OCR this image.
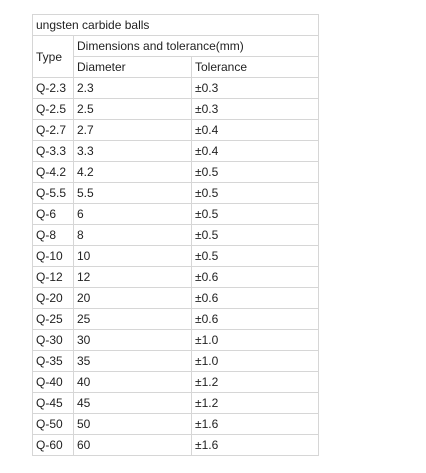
ungsten carbide balls		
Type	Dimensions and tolerance(mm)	
	Diameter	Tolerance
Q-2.3	2.3	±0.3
Q-2.5	2.5	±0.3
Q-2.7	2.7	±0.4
Q-3.3	3.3	±0.4
Q-4.2	4.2	±0.5
Q-5.5	5.5	±0.5
Q-6	6	±0.5
Q-8	8	±0.5
Q-10	10	±0.5
Q-12	12	±0.6
Q-20	20	±0.6
Q-25	25	±0.6
Q-30	30	±1.0
Q-35	35	±1.0
Q-40	40	±1.2
Q-45	45	±1.2
Q-50	50	±1.6
Q-60	60	±1.6
